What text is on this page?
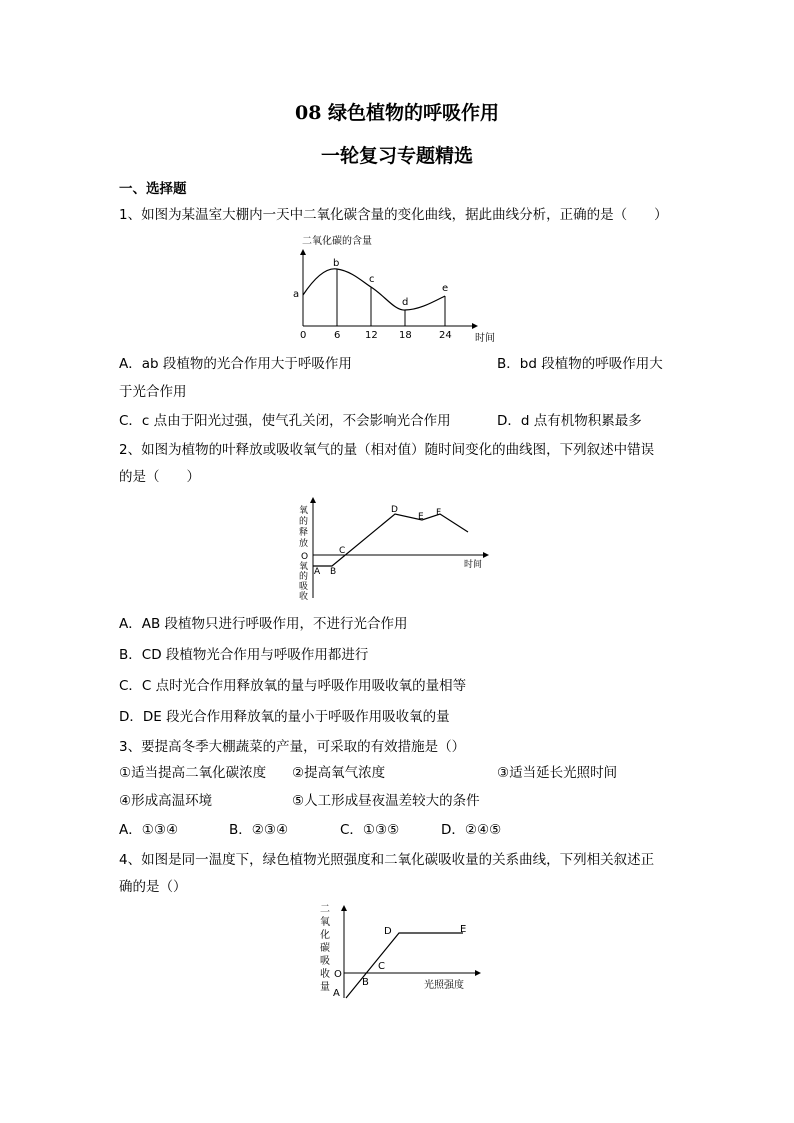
08 绿色植物的呼吸作用
一轮复习专题精选
一、选择题
1、如图为某温室大棚内一天中二氧化碳含量的变化曲线，据此曲线分析，正确的是（　　）
二氧化碳的含量
a
b
c
d
e
0	6 12 18	24 时间
A．ab 段植物的光合作用大于呼吸作用	B．bd 段植物的呼吸作用大
于光合作用
C．c 点由于阳光过强，使气孔关闭，不会影响光合作用	D．d 点有机物积累最多
2、如图为植物的叶释放或吸收氧气的量（相对值）随时间变化的曲线图，下列叙述中错误
的是（　　）
氧
的
释
放
O
氧
的
吸
收
A B
C
D
E F
时间
A．AB 段植物只进行呼吸作用，不进行光合作用
B．CD 段植物光合作用与呼吸作用都进行
C．C 点时光合作用释放氧的量与呼吸作用吸收氧的量相等
D．DE 段光合作用释放氧的量小于呼吸作用吸收氧的量
3、要提高冬季大棚蔬菜的产量，可采取的有效措施是（）
①适当提高二氧化碳浓度 ②提高氧气浓度	③适当延长光照时间
④形成高温环境	⑤人工形成昼夜温差较大的条件
A．①③④	B．②③④	C．①③⑤	D．②④⑤
4、如图是同一温度下，绿色植物光照强度和二氧化碳吸收量的关系曲线，下列相关叙述正
确的是（）
二
氧
化
碳
吸
收
量
O
A
B
C
D	E
光照强度
